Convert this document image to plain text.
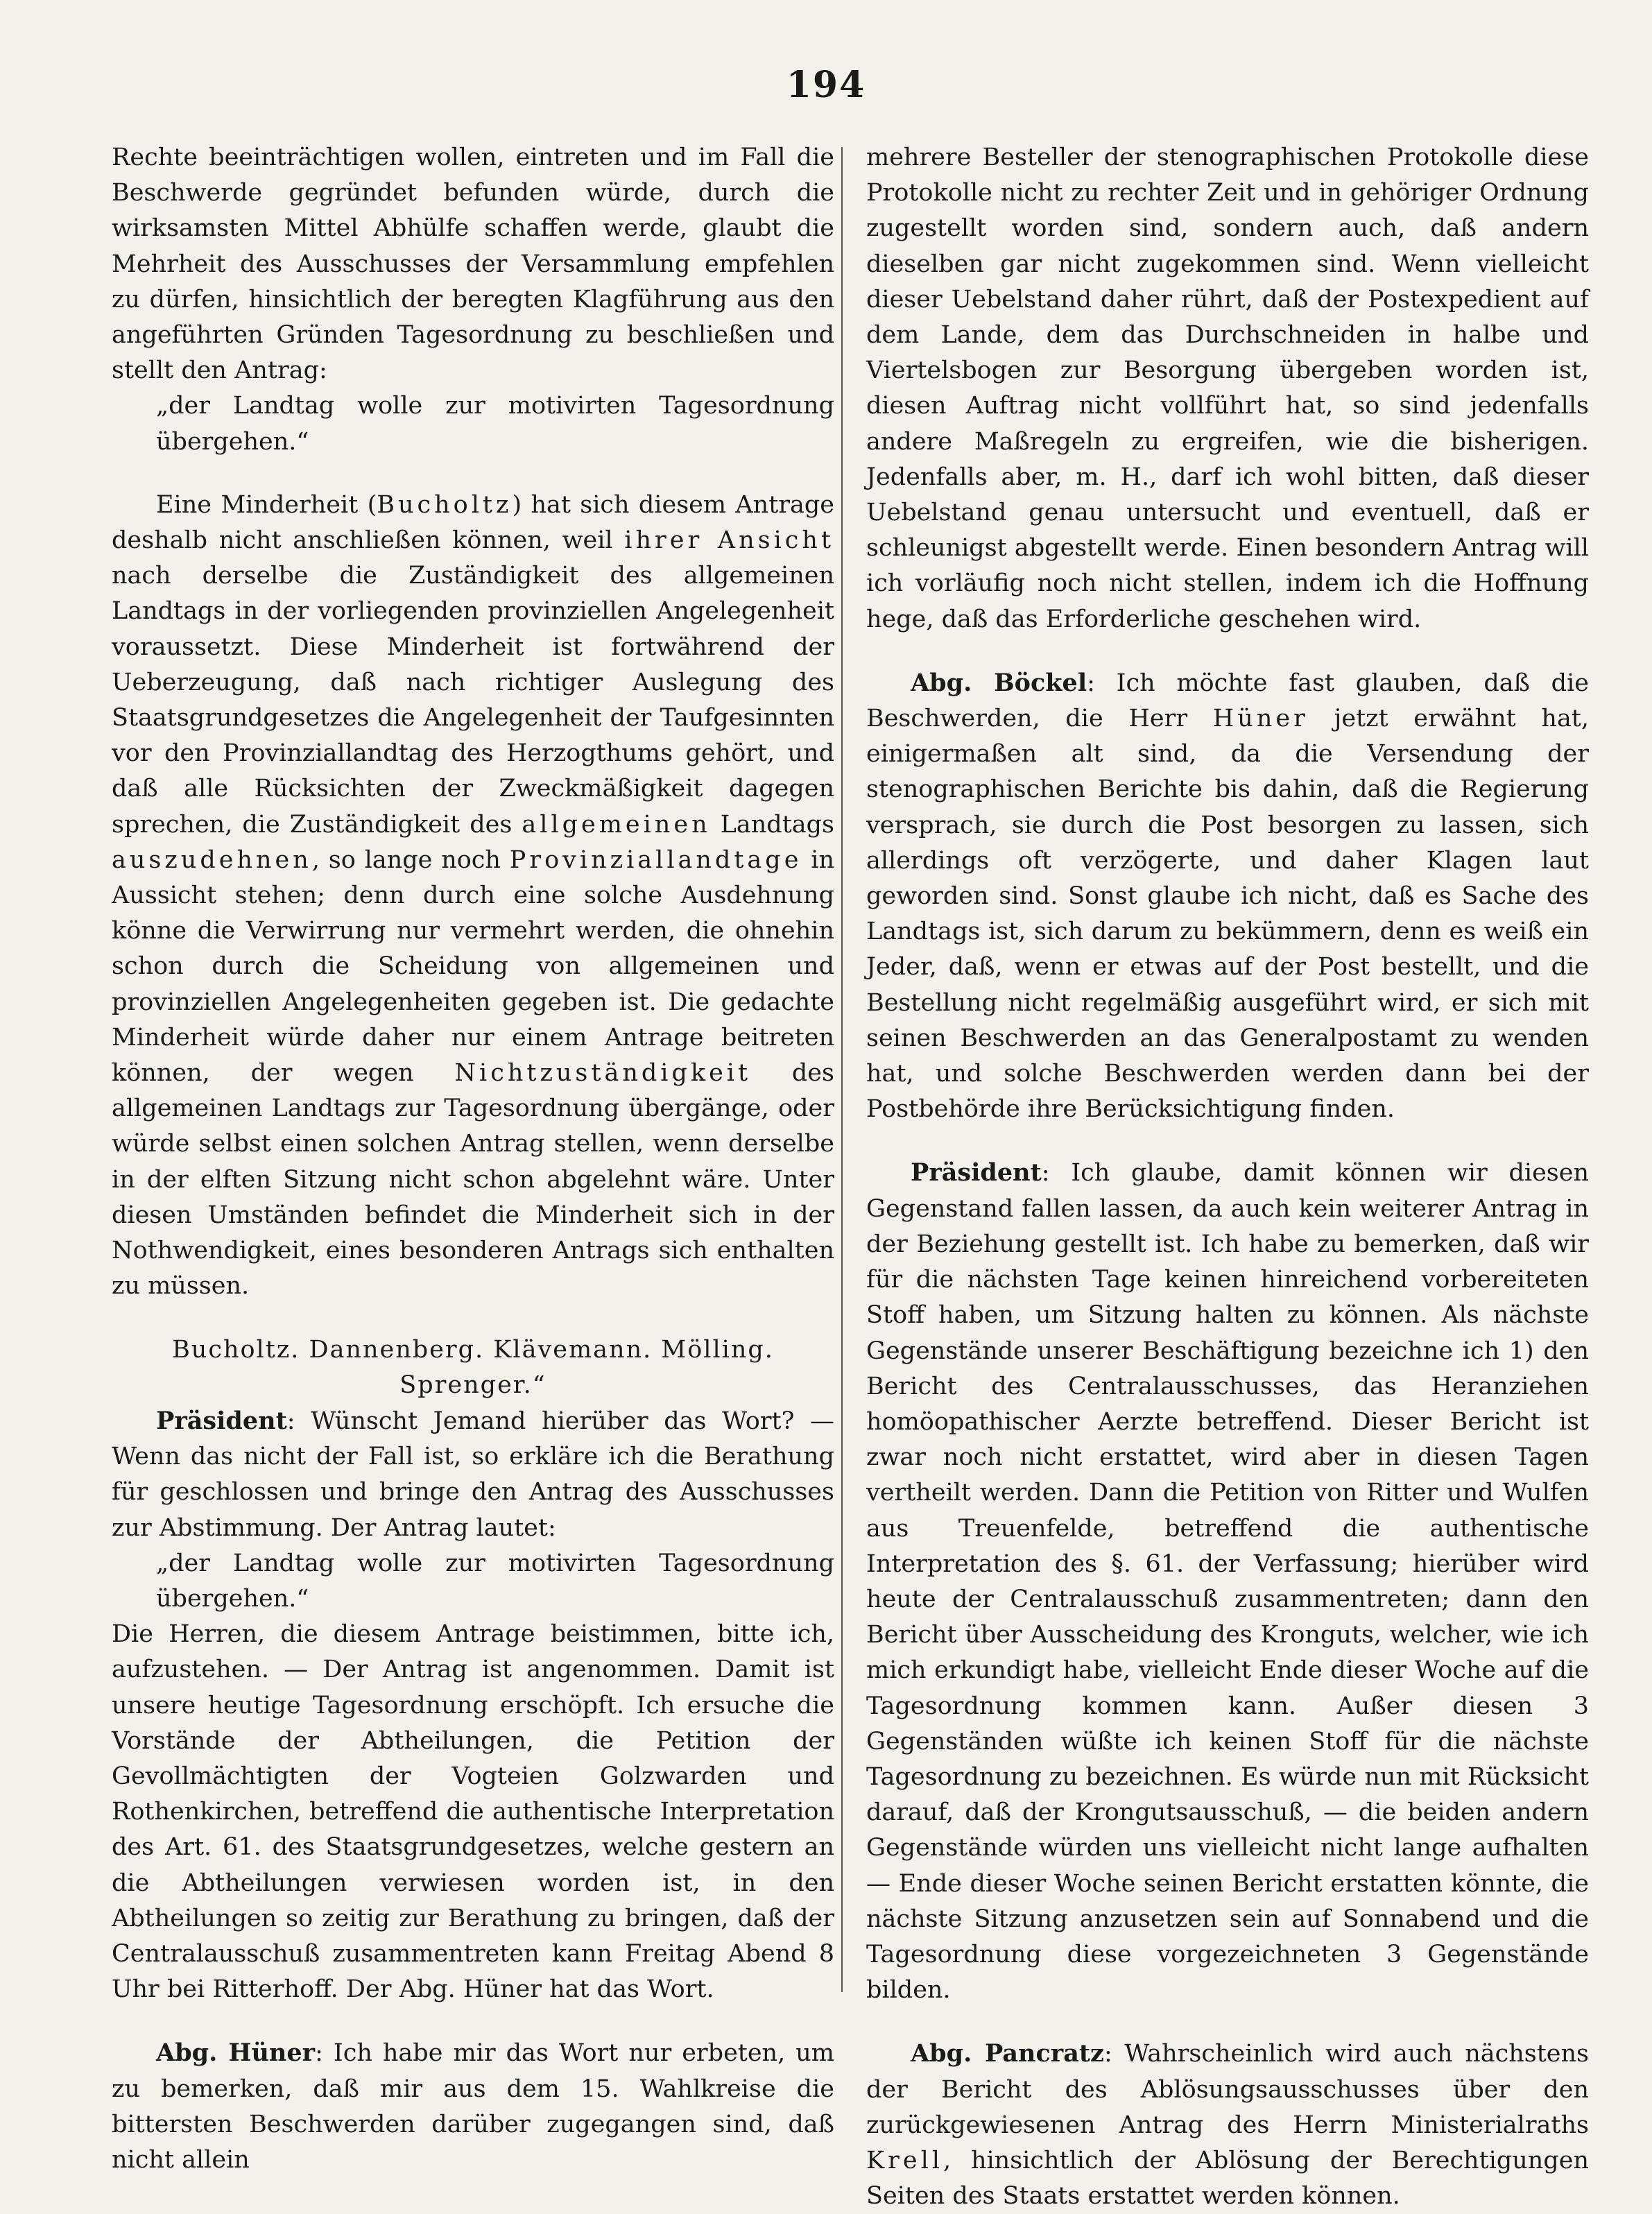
194

Rechte beeinträchtigen wollen, eintreten und im Fall die Beschwerde gegründet befunden würde, durch die wirksamsten Mittel Abhülfe schaffen werde, glaubt die Mehrheit des Ausschusses der Versammlung empfehlen zu dürfen, hinsichtlich der beregten Klagführung aus den angeführten Gründen Tagesordnung zu beschließen und stellt den Antrag:

„der Landtag wolle zur motivirten Tagesordnung übergehen.“

Eine Minderheit (Bucholtz) hat sich diesem Antrage deshalb nicht anschließen können, weil ihrer Ansicht nach derselbe die Zuständigkeit des allgemeinen Landtags in der vorliegenden provinziellen Angelegenheit voraussetzt. Diese Minderheit ist fortwährend der Ueberzeugung, daß nach richtiger Auslegung des Staatsgrundgesetzes die Angelegenheit der Taufgesinnten vor den Provinziallandtag des Herzogthums gehört, und daß alle Rücksichten der Zweckmäßigkeit dagegen sprechen, die Zuständigkeit des allgemeinen Landtags auszudehnen, so lange noch Provinziallandtage in Aussicht stehen; denn durch eine solche Ausdehnung könne die Verwirrung nur vermehrt werden, die ohnehin schon durch die Scheidung von allgemeinen und provinziellen Angelegenheiten gegeben ist. Die gedachte Minderheit würde daher nur einem Antrage beitreten können, der wegen Nichtzuständigkeit des allgemeinen Landtags zur Tagesordnung übergänge, oder würde selbst einen solchen Antrag stellen, wenn derselbe in der elften Sitzung nicht schon abgelehnt wäre. Unter diesen Umständen befindet die Minderheit sich in der Nothwendigkeit, eines besonderen Antrags sich enthalten zu müssen.

Bucholtz. Dannenberg. Klävemann. Mölling. Sprenger.“

Präsident: Wünscht Jemand hierüber das Wort? — Wenn das nicht der Fall ist, so erkläre ich die Berathung für geschlossen und bringe den Antrag des Ausschusses zur Abstimmung. Der Antrag lautet:

„der Landtag wolle zur motivirten Tagesordnung übergehen.“

Die Herren, die diesem Antrage beistimmen, bitte ich, aufzustehen. — Der Antrag ist angenommen. Damit ist unsere heutige Tagesordnung erschöpft. Ich ersuche die Vorstände der Abtheilungen, die Petition der Gevollmächtigten der Vogteien Golzwarden und Rothenkirchen, betreffend die authentische Interpretation des Art. 61. des Staatsgrundgesetzes, welche gestern an die Abtheilungen verwiesen worden ist, in den Abtheilungen so zeitig zur Berathung zu bringen, daß der Centralausschuß zusammentreten kann Freitag Abend 8 Uhr bei Ritterhoff. Der Abg. Hüner hat das Wort.

Abg. Hüner: Ich habe mir das Wort nur erbeten, um zu bemerken, daß mir aus dem 15. Wahlkreise die bittersten Beschwerden darüber zugegangen sind, daß nicht allein

mehrere Besteller der stenographischen Protokolle diese Protokolle nicht zu rechter Zeit und in gehöriger Ordnung zugestellt worden sind, sondern auch, daß andern dieselben gar nicht zugekommen sind. Wenn vielleicht dieser Uebelstand daher rührt, daß der Postexpedient auf dem Lande, dem das Durchschneiden in halbe und Viertelsbogen zur Besorgung übergeben worden ist, diesen Auftrag nicht vollführt hat, so sind jedenfalls andere Maßregeln zu ergreifen, wie die bisherigen. Jedenfalls aber, m. H., darf ich wohl bitten, daß dieser Uebelstand genau untersucht und eventuell, daß er schleunigst abgestellt werde. Einen besondern Antrag will ich vorläufig noch nicht stellen, indem ich die Hoffnung hege, daß das Erforderliche geschehen wird.

Abg. Böckel: Ich möchte fast glauben, daß die Beschwerden, die Herr Hüner jetzt erwähnt hat, einigermaßen alt sind, da die Versendung der stenographischen Berichte bis dahin, daß die Regierung versprach, sie durch die Post besorgen zu lassen, sich allerdings oft verzögerte, und daher Klagen laut geworden sind. Sonst glaube ich nicht, daß es Sache des Landtags ist, sich darum zu bekümmern, denn es weiß ein Jeder, daß, wenn er etwas auf der Post bestellt, und die Bestellung nicht regelmäßig ausgeführt wird, er sich mit seinen Beschwerden an das Generalpostamt zu wenden hat, und solche Beschwerden werden dann bei der Postbehörde ihre Berücksichtigung finden.

Präsident: Ich glaube, damit können wir diesen Gegenstand fallen lassen, da auch kein weiterer Antrag in der Beziehung gestellt ist. Ich habe zu bemerken, daß wir für die nächsten Tage keinen hinreichend vorbereiteten Stoff haben, um Sitzung halten zu können. Als nächste Gegenstände unserer Beschäftigung bezeichne ich 1) den Bericht des Centralausschusses, das Heranziehen homöopathischer Aerzte betreffend. Dieser Bericht ist zwar noch nicht erstattet, wird aber in diesen Tagen vertheilt werden. Dann die Petition von Ritter und Wulfen aus Treuenfelde, betreffend die authentische Interpretation des §. 61. der Verfassung; hierüber wird heute der Centralausschuß zusammentreten; dann den Bericht über Ausscheidung des Kronguts, welcher, wie ich mich erkundigt habe, vielleicht Ende dieser Woche auf die Tagesordnung kommen kann. Außer diesen 3 Gegenständen wüßte ich keinen Stoff für die nächste Tagesordnung zu bezeichnen. Es würde nun mit Rücksicht darauf, daß der Krongutsausschuß, — die beiden andern Gegenstände würden uns vielleicht nicht lange aufhalten — Ende dieser Woche seinen Bericht erstatten könnte, die nächste Sitzung anzusetzen sein auf Sonnabend und die Tagesordnung diese vorgezeichneten 3 Gegenstände bilden.

Abg. Pancratz: Wahrscheinlich wird auch nächstens der Bericht des Ablösungsausschusses über den zurückgewiesenen Antrag des Herrn Ministerialraths Krell, hinsichtlich der Ablösung der Berechtigungen Seiten des Staats erstattet werden können.
